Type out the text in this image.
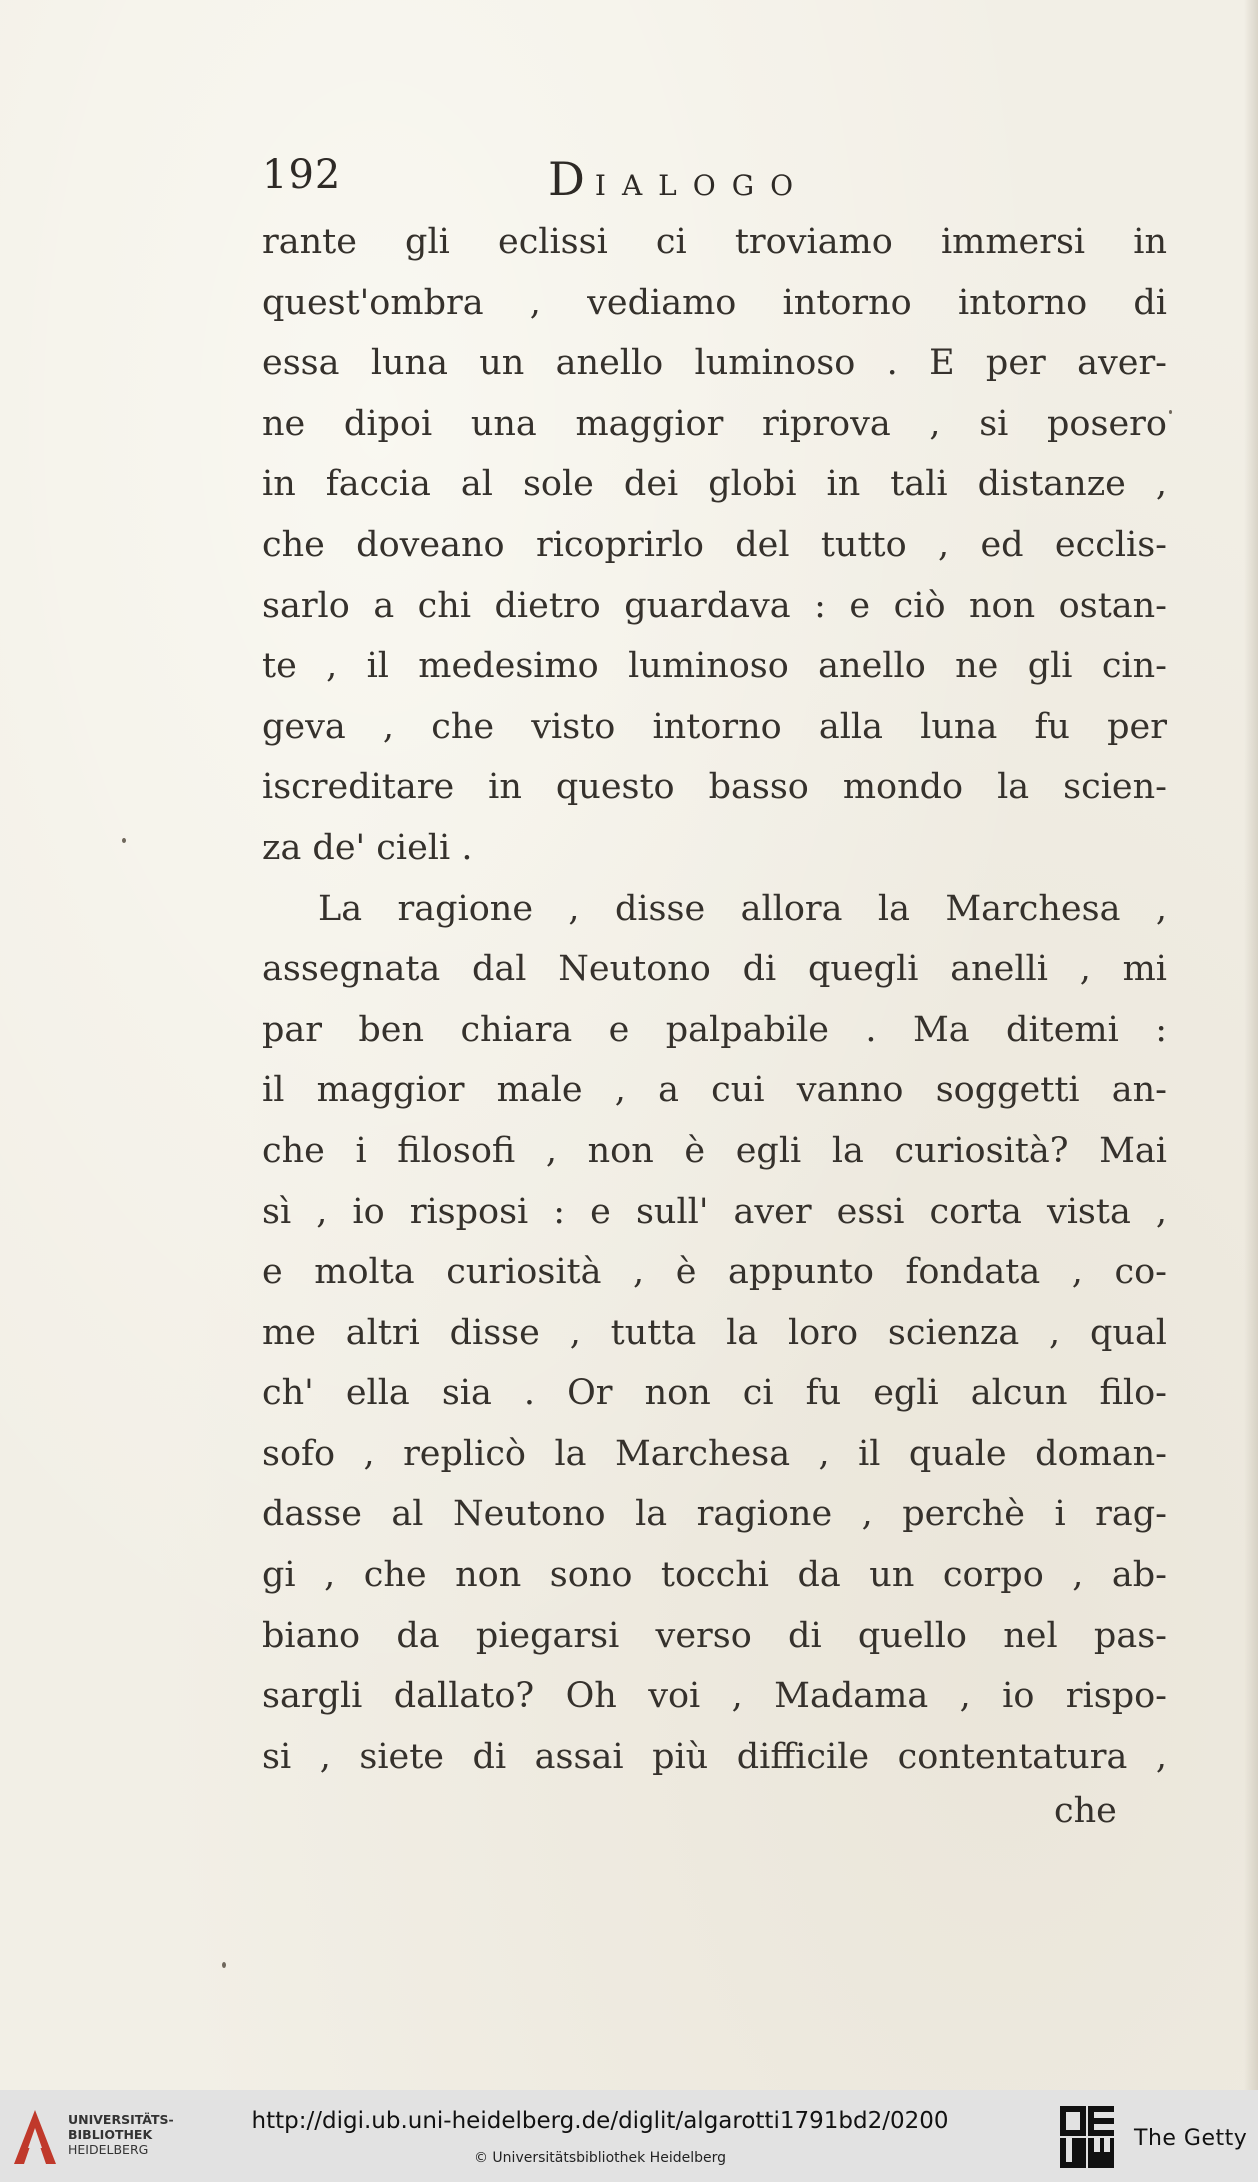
192	DIALOGO
rante gli eclissi ci troviamo immersi in
quest'ombra , vediamo intorno intorno di
essa luna un anello luminoso . E per aver-
ne dipoi una maggior riprova , si posero
in faccia al sole dei globi in tali distanze ,
che doveano ricoprirlo del tutto , ed ecclis-
sarlo a chi dietro guardava : e ciò non ostan-
te , il medesimo luminoso anello ne gli cin-
geva , che visto intorno alla luna fu per
iscreditare in questo basso mondo la scien-
za de' cieli .
La ragione , disse allora la Marchesa ,
assegnata dal Neutono di quegli anelli , mi
par ben chiara e palpabile . Ma ditemi :
il maggior male , a cui vanno soggetti an-
che i filosofi , non è egli la curiosità? Mai
sì , io risposi : e sull' aver essi corta vista ,
e molta curiosità , è appunto fondata , co-
me altri disse , tutta la loro scienza , qual
ch' ella sia . Or non ci fu egli alcun filo-
sofo , replicò la Marchesa , il quale doman-
dasse al Neutono la ragione , perchè i rag-
gi , che non sono tocchi da un corpo , ab-
biano da piegarsi verso di quello nel pas-
sargli dallato? Oh voi , Madama , io rispo-
si , siete di assai più difficile contentatura ,
che
UNIVERSITÄTS-
BIBLIOTHEK
HEIDELBERG
http://digi.ub.uni-heidelberg.de/diglit/algarotti1791bd2/0200
© Universitätsbibliothek Heidelberg
The Getty
